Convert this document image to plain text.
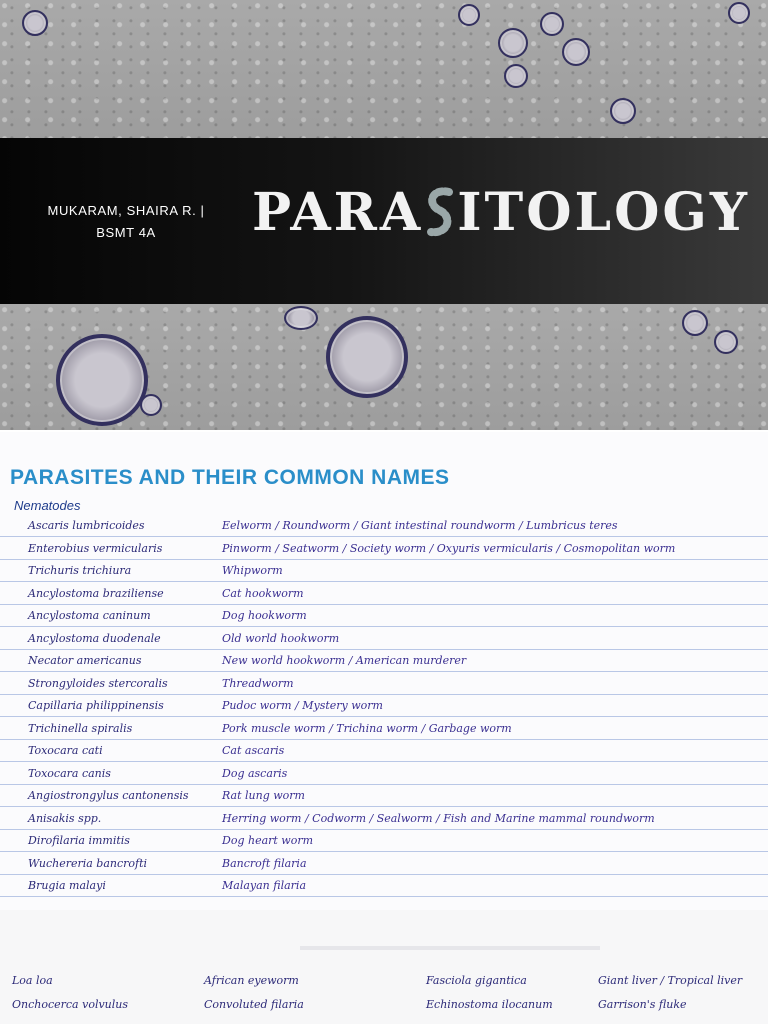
MUKARAM, SHAIRA R. |
BSMT 4A	PARA ITOLOGY
PARASITES AND THEIR COMMON NAMES
Nematodes
Ascaris lumbricoides	Eelworm / Roundworm / Giant intestinal roundworm / Lumbricus teres
Enterobius vermicularis	Pinworm / Seatworm / Society worm / Oxyuris vermicularis / Cosmopolitan worm
Trichuris trichiura	Whipworm
Ancylostoma braziliense	Cat hookworm
Ancylostoma caninum	Dog hookworm
Ancylostoma duodenale	Old world hookworm
Necator americanus	New world hookworm / American murderer
Strongyloides stercoralis	Threadworm
Capillaria philippinensis	Pudoc worm / Mystery worm
Trichinella spiralis	Pork muscle worm / Trichina worm / Garbage worm
Toxocara cati	Cat ascaris
Toxocara canis	Dog ascaris
Angiostrongylus cantonensis	Rat lung worm
Anisakis spp.	Herring worm / Codworm / Sealworm / Fish and Marine mammal roundworm
Dirofilaria immitis	Dog heart worm
Wuchereria bancrofti	Bancroft filaria
Brugia malayi	Malayan filaria
Loa loa	African eyeworm	Fasciola gigantica	Giant liver / Tropical liver
Onchocerca volvulus	Convoluted filaria	Echinostoma ilocanum	Garrison's fluke
